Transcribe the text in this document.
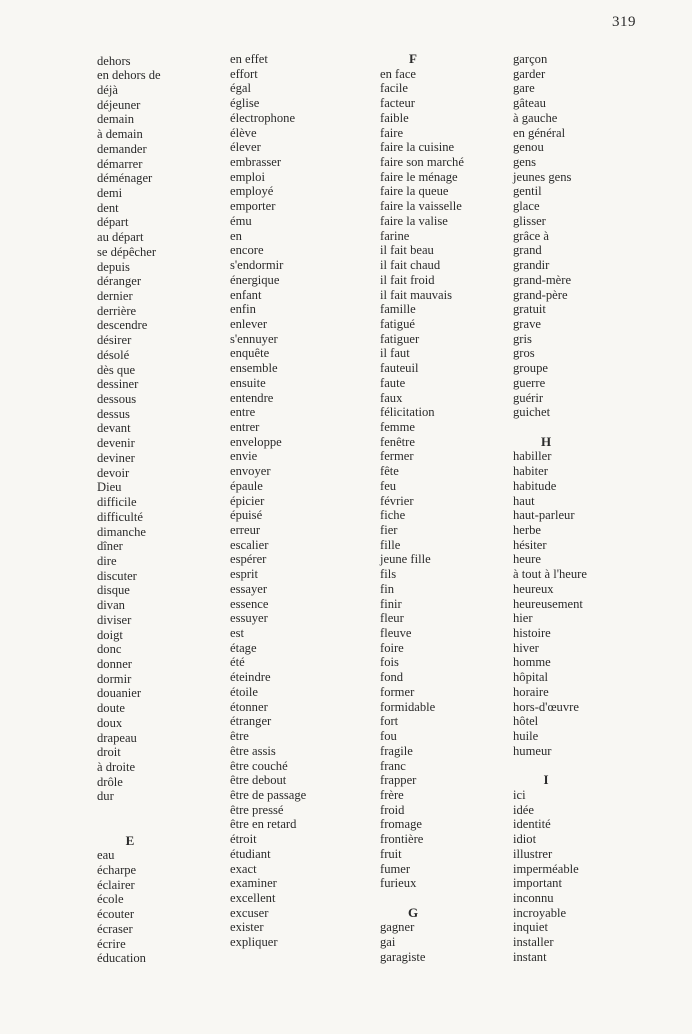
319
dehors
en dehors de
déjà
déjeuner
demain
à demain
demander
démarrer
déménager
demi
dent
départ
au départ
se dépêcher
depuis
déranger
dernier
derrière
descendre
désirer
désolé
dès que
dessiner
dessous
dessus
devant
devenir
deviner
devoir
Dieu
difficile
difficulté
dimanche
dîner
dire
discuter
disque
divan
diviser
doigt
donc
donner
dormir
douanier
doute
doux
drapeau
droit
à droite
drôle
dur
E
eau
écharpe
éclairer
école
écouter
écraser
écrire
éducation
en effet
effort
égal
église
électrophone
élève
élever
embrasser
emploi
employé
emporter
ému
en
encore
s'endormir
énergique
enfant
enfin
enlever
s'ennuyer
enquête
ensemble
ensuite
entendre
entre
entrer
enveloppe
envie
envoyer
épaule
épicier
épuisé
erreur
escalier
espérer
esprit
essayer
essence
essuyer
est
étage
été
éteindre
étoile
étonner
étranger
être
être assis
être couché
être debout
être de passage
être pressé
être en retard
étroit
étudiant
exact
examiner
excellent
excuser
exister
expliquer
F
en face
facile
facteur
faible
faire
faire la cuisine
faire son marché
faire le ménage
faire la queue
faire la vaisselle
faire la valise
farine
il fait beau
il fait chaud
il fait froid
il fait mauvais
famille
fatigué
fatiguer
il faut
fauteuil
faute
faux
félicitation
femme
fenêtre
fermer
fête
feu
février
fiche
fier
fille
jeune fille
fils
fin
finir
fleur
fleuve
foire
fois
fond
former
formidable
fort
fou
fragile
franc
frapper
frère
froid
fromage
frontière
fruit
fumer
furieux
G
gagner
gai
garagiste
garçon
garder
gare
gâteau
à gauche
en général
genou
gens
jeunes gens
gentil
glace
glisser
grâce à
grand
grandir
grand-mère
grand-père
gratuit
grave
gris
gros
groupe
guerre
guérir
guichet
H
habiller
habiter
habitude
haut
haut-parleur
herbe
hésiter
heure
à tout à l'heure
heureux
heureusement
hier
histoire
hiver
homme
hôpital
horaire
hors-d'œuvre
hôtel
huile
humeur
I
ici
idée
identité
idiot
illustrer
imperméable
important
inconnu
incroyable
inquiet
installer
instant
